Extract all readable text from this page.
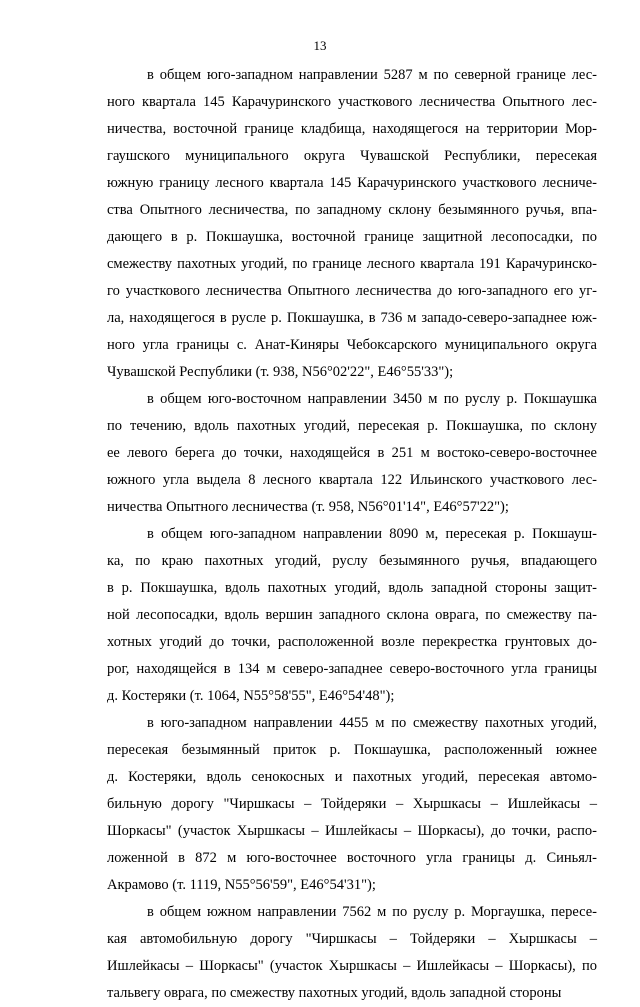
13
в общем юго-западном направлении 5287 м по северной границе лес-
ного квартала 145 Карачуринского участкового лесничества Опытного лес-
ничества, восточной границе кладбища, находящегося на территории Мор-
гаушского муниципального округа Чувашской Республики, пересекая
южную границу лесного квартала 145 Карачуринского участкового лесниче-
ства Опытного лесничества, по западному склону безымянного ручья, впа-
дающего в р. Покшаушка, восточной границе защитной лесопосадки, по
смежеству пахотных угодий, по границе лесного квартала 191 Карачуринско-
го участкового лесничества Опытного лесничества до юго-западного его уг-
ла, находящегося в русле р. Покшаушка, в 736 м западо-северо-западнее юж-
ного угла границы с. Анат-Киняры Чебоксарского муниципального округа
Чувашской Республики (т. 938, N56°02'22", E46°55'33");
в общем юго-восточном направлении 3450 м по руслу р. Покшаушка
по течению, вдоль пахотных угодий, пересекая р. Покшаушка, по склону
ее левого берега до точки, находящейся в 251 м востоко-северо-восточнее
южного угла выдела 8 лесного квартала 122 Ильинского участкового лес-
ничества Опытного лесничества (т. 958, N56°01'14", E46°57'22");
в общем юго-западном направлении 8090 м, пересекая р. Покшауш-
ка, по краю пахотных угодий, руслу безымянного ручья, впадающего
в р. Покшаушка, вдоль пахотных угодий, вдоль западной стороны защит-
ной лесопосадки, вдоль вершин западного склона оврага, по смежеству па-
хотных угодий до точки, расположенной возле перекрестка грунтовых до-
рог, находящейся в 134 м северо-западнее северо-восточного угла границы
д. Костеряки (т. 1064, N55°58'55", E46°54'48");
в юго-западном направлении 4455 м по смежеству пахотных угодий,
пересекая безымянный приток р. Покшаушка, расположенный южнее
д. Костеряки, вдоль сенокосных и пахотных угодий, пересекая автомо-
бильную дорогу "Чиршкасы – Тойдеряки – Хыршкасы – Ишлейкасы –
Шоркасы" (участок Хыршкасы – Ишлейкасы – Шоркасы), до точки, распо-
ложенной в 872 м юго-восточнее восточного угла границы д. Синьял-
Акрамово (т. 1119, N55°56'59", E46°54'31");
в общем южном направлении 7562 м по руслу р. Моргаушка, пересе-
кая автомобильную дорогу "Чиршкасы – Тойдеряки – Хыршкасы –
Ишлейкасы – Шоркасы" (участок Хыршкасы – Ишлейкасы – Шоркасы), по
тальвегу оврага, по смежеству пахотных угодий, вдоль западной стороны
